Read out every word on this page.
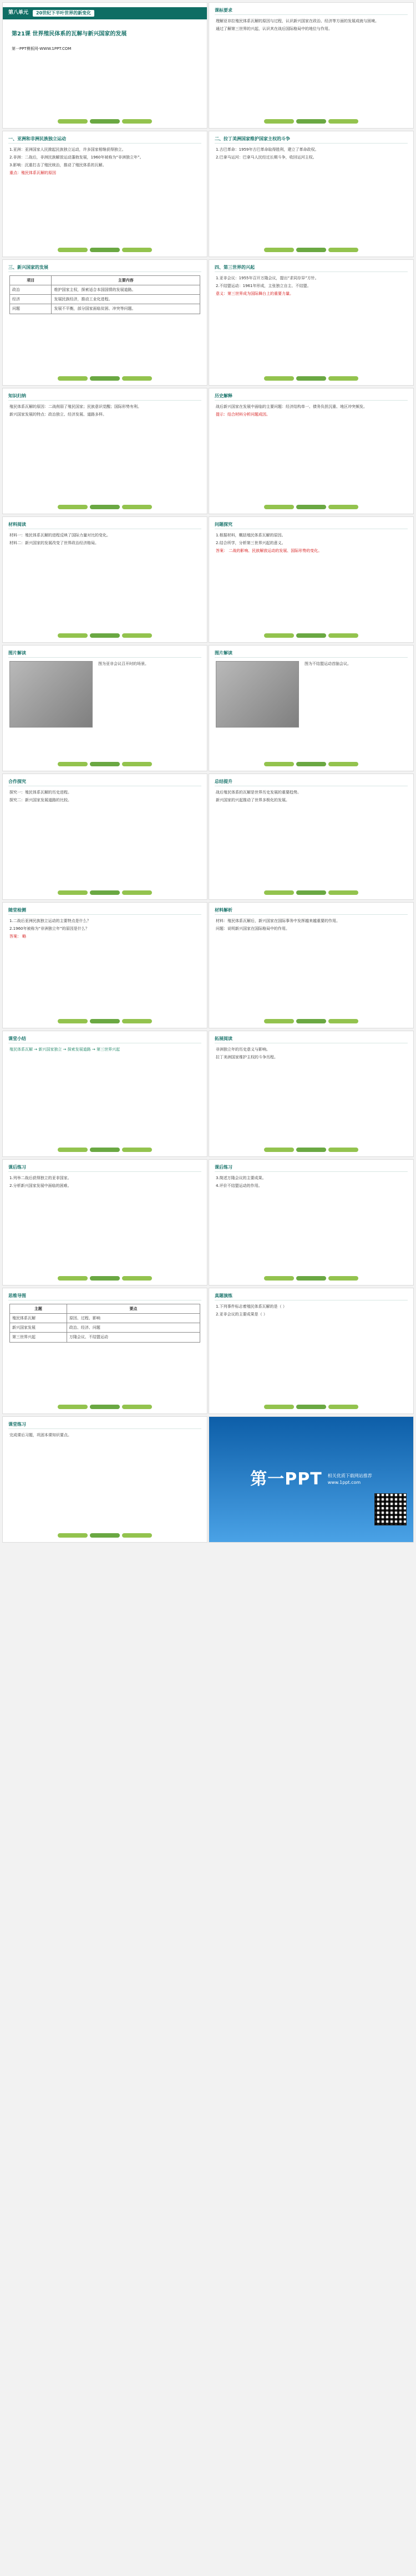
第八单元	20世纪下半叶世界的新变化
第21课 世界殖民体系的瓦解与新兴国家的发展
第一PPT模板网-WWW.1PPT.COM
课标要求
理解亚非拉殖民体系瓦解的原因与过程，认识新兴国家在政治、经济等方面的发展成就与困境。
通过了解第三世界的兴起，认识其在战后国际格局中的地位与作用。
一、亚洲和非洲民族独立运动
1.亚洲：亚洲国家人民掀起民族独立运动，许多国家相继获得独立。
2.非洲：二战后，非洲民族解放运动蓬勃发展，1960年被称为“非洲独立年”。
3.影响：沉重打击了殖民统治，推动了殖民体系的瓦解。
重点：殖民体系瓦解的原因
二、拉丁美洲国家维护国家主权的斗争
1.古巴革命：1959年古巴革命取得胜利，建立了革命政权。
2.巴拿马运河：巴拿马人民经过长期斗争，收回运河主权。
三、新兴国家的发展
项目	主要内容
政治	维护国家主权，探索适合本国国情的发展道路。
经济	发展民族经济，推动工业化进程。
问题	发展不平衡，部分国家面临贫困、冲突等问题。
四、第三世界的兴起
1.亚非会议：1955年召开万隆会议，提出“求同存异”方针。
2.不结盟运动：1961年形成，主张独立自主、不结盟。
意义：第三世界成为国际舞台上的重要力量。
知识归纳
殖民体系瓦解的原因：二战削弱了殖民国家；民族意识觉醒；国际形势有利。
新兴国家发展的特点：政治独立、经济发展、道路多样。
历史解释
战后新兴国家在发展中面临的主要问题：经济结构单一、债务负担沉重、地区冲突频发。
提示：结合材料分析问题成因。
材料阅读
材料一：殖民体系瓦解的进程反映了国际力量对比的变化。
材料二：新兴国家的发展改变了世界政治经济格局。
问题探究
1.根据材料，概括殖民体系瓦解的原因。
2.结合所学，分析第三世界兴起的意义。
答案： 二战的影响、民族解放运动的发展、国际形势的变化。
图片解读
图为亚非会议召开时的场景。
图片解读
图为不结盟运动首脑会议。
合作探究
探究一：殖民体系瓦解的历史进程。
探究二：新兴国家发展道路的比较。
总结提升
战后殖民体系的瓦解是世界历史发展的重要趋势。
新兴国家的兴起推动了世界多极化的发展。
随堂检测
1.二战后亚洲民族独立运动的主要特点是什么？
2.1960年被称为“非洲独立年”的原因是什么？
答案： 略
材料解析
材料：殖民体系瓦解后，新兴国家在国际事务中发挥越来越重要的作用。
问题：说明新兴国家在国际格局中的作用。
课堂小结
殖民体系瓦解 → 新兴国家独立 → 探索发展道路 → 第三世界兴起
拓展阅读
非洲独立年的历史意义与影响。
拉丁美洲国家维护主权的斗争历程。
课后练习
1.列举二战后获得独立的亚非国家。
2.分析新兴国家发展中面临的困难。
课后练习
3.简述万隆会议的主要成果。
4.评价不结盟运动的作用。
思维导图
主题	要点
殖民体系瓦解	原因、过程、影响
新兴国家发展	政治、经济、问题
第三世界兴起	万隆会议、不结盟运动
真题演练
1.下列事件标志着殖民体系瓦解的是（ ）
2.亚非会议的主要成果是（ ）
课堂练习
完成课后习题，巩固本课知识要点。
第一PPT 相关优质下载网站推荐
www.1ppt.com
